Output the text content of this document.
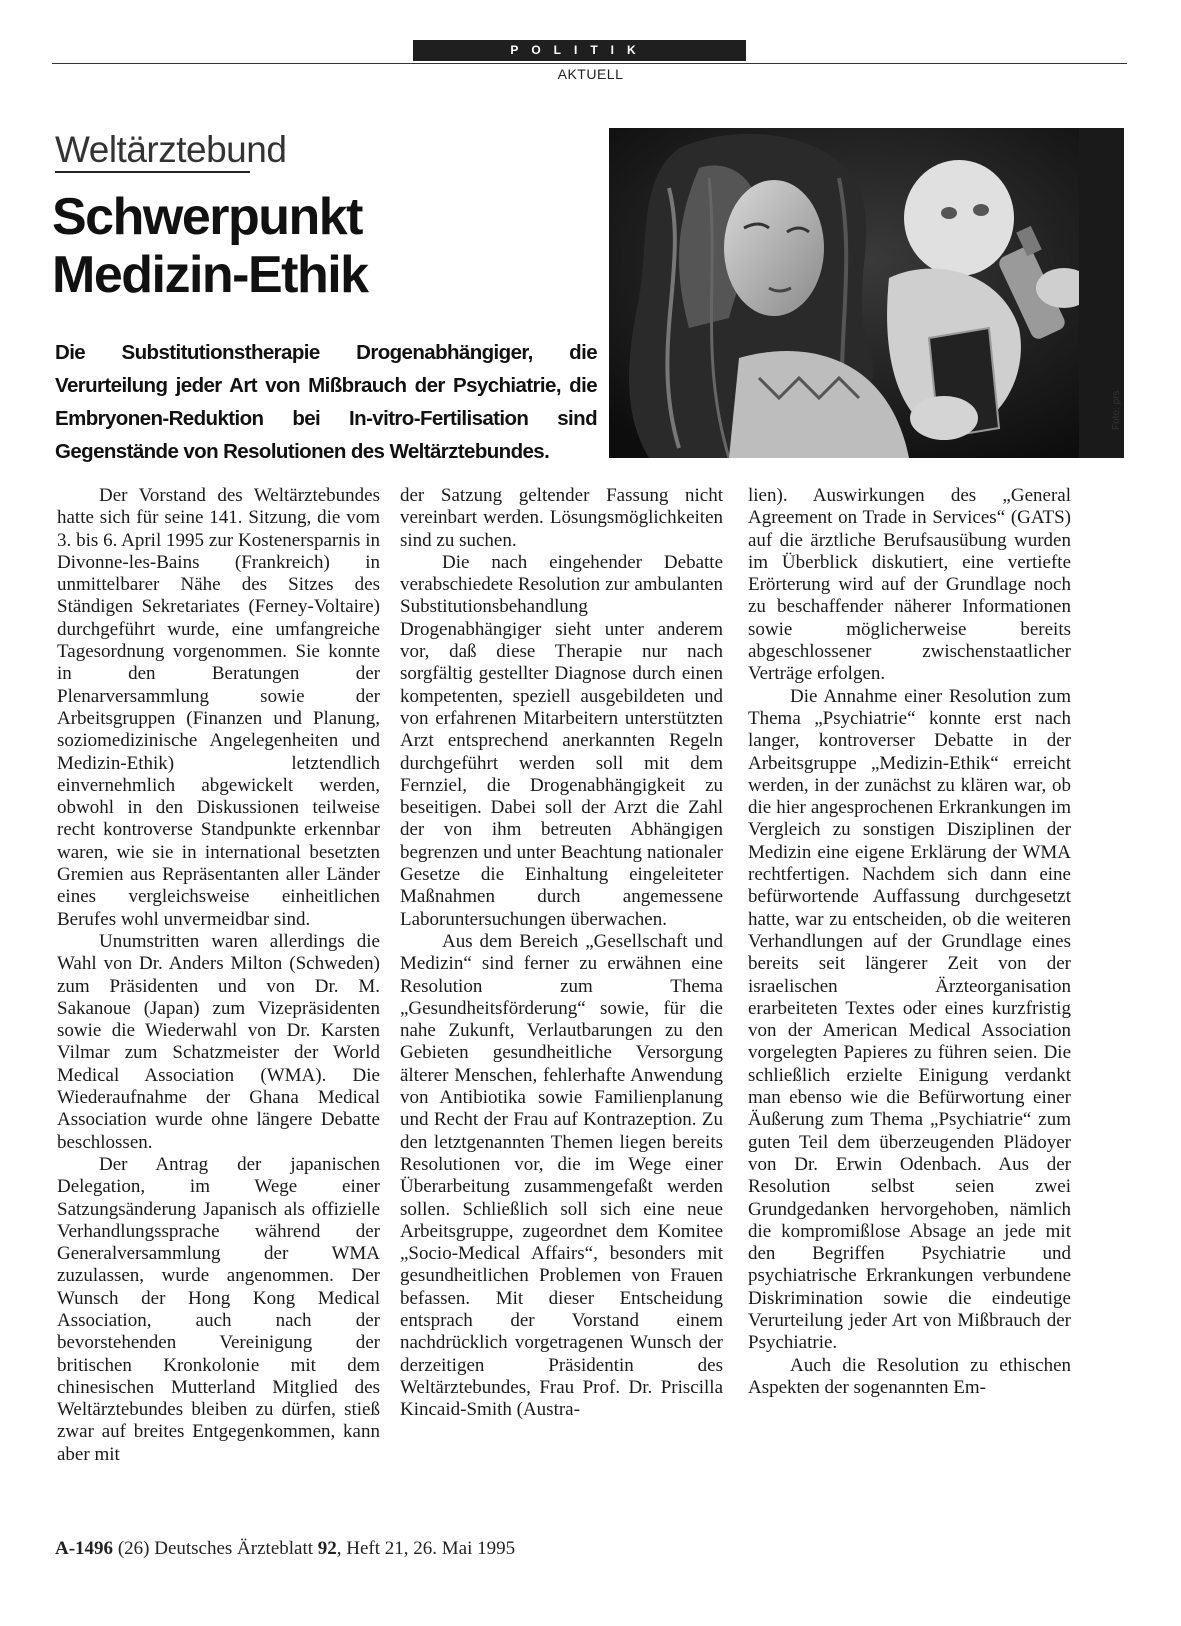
POLITIK
AKTUELL
Weltärztebund
Schwerpunkt
Medizin-Ethik

Die Substitutionstherapie Drogenabhängiger, die Verurteilung jeder Art von Mißbrauch der Psychiatrie, die Embryonen-Reduktion bei In-vitro-Fertilisation sind Gegenstände von Resolutionen des Weltärztebundes.

Foto: prs

Der Vorstand des Weltärztebundes hatte sich für seine 141. Sitzung, die vom 3. bis 6. April 1995 zur Kostenersparnis in Divonne-les-Bains (Frankreich) in unmittelbarer Nähe des Sitzes des Ständigen Sekretariates (Ferney-Voltaire) durchgeführt wurde, eine umfangreiche Tagesordnung vorgenommen. Sie konnte in den Beratungen der Plenarversammlung sowie der Arbeitsgruppen (Finanzen und Planung, soziomedizinische Angelegenheiten und Medizin-Ethik) letztendlich einvernehmlich abgewickelt werden, obwohl in den Diskussionen teilweise recht kontroverse Standpunkte erkennbar waren, wie sie in international besetzten Gremien aus Repräsentanten aller Länder eines vergleichsweise einheitlichen Berufes wohl unvermeidbar sind.

Unumstritten waren allerdings die Wahl von Dr. Anders Milton (Schweden) zum Präsidenten und von Dr. M. Sakanoue (Japan) zum Vizepräsidenten sowie die Wiederwahl von Dr. Karsten Vilmar zum Schatzmeister der World Medical Association (WMA). Die Wiederaufnahme der Ghana Medical Association wurde ohne längere Debatte beschlossen.

Der Antrag der japanischen Delegation, im Wege einer Satzungsänderung Japanisch als offizielle Verhandlungssprache während der Generalversammlung der WMA zuzulassen, wurde angenommen. Der Wunsch der Hong Kong Medical Association, auch nach der bevorstehenden Vereinigung der britischen Kronkolonie mit dem chinesischen Mutterland Mitglied des Weltärztebundes bleiben zu dürfen, stieß zwar auf breites Entgegenkommen, kann aber mit

der Satzung geltender Fassung nicht vereinbart werden. Lösungsmöglichkeiten sind zu suchen.

Die nach eingehender Debatte verabschiedete Resolution zur ambulanten Substitutionsbehandlung Drogenabhängiger sieht unter anderem vor, daß diese Therapie nur nach sorgfältig gestellter Diagnose durch einen kompetenten, speziell ausgebildeten und von erfahrenen Mitarbeitern unterstützten Arzt entsprechend anerkannten Regeln durchgeführt werden soll mit dem Fernziel, die Drogenabhängigkeit zu beseitigen. Dabei soll der Arzt die Zahl der von ihm betreuten Abhängigen begrenzen und unter Beachtung nationaler Gesetze die Einhaltung eingeleiteter Maßnahmen durch angemessene Laboruntersuchungen überwachen.

Aus dem Bereich „Gesellschaft und Medizin“ sind ferner zu erwähnen eine Resolution zum Thema „Gesundheitsförderung“ sowie, für die nahe Zukunft, Verlautbarungen zu den Gebieten gesundheitliche Versorgung älterer Menschen, fehlerhafte Anwendung von Antibiotika sowie Familienplanung und Recht der Frau auf Kontrazeption. Zu den letztgenannten Themen liegen bereits Resolutionen vor, die im Wege einer Überarbeitung zusammengefaßt werden sollen. Schließlich soll sich eine neue Arbeitsgruppe, zugeordnet dem Komitee „Socio-Medical Affairs“, besonders mit gesundheitlichen Problemen von Frauen befassen. Mit dieser Entscheidung entsprach der Vorstand einem nachdrücklich vorgetragenen Wunsch der derzeitigen Präsidentin des Weltärztebundes, Frau Prof. Dr. Priscilla Kincaid-Smith (Austra-

lien). Auswirkungen des „General Agreement on Trade in Services“ (GATS) auf die ärztliche Berufsausübung wurden im Überblick diskutiert, eine vertiefte Erörterung wird auf der Grundlage noch zu beschaffender näherer Informationen sowie möglicherweise bereits abgeschlossener zwischenstaatlicher Verträge erfolgen.

Die Annahme einer Resolution zum Thema „Psychiatrie“ konnte erst nach langer, kontroverser Debatte in der Arbeitsgruppe „Medizin-Ethik“ erreicht werden, in der zunächst zu klären war, ob die hier angesprochenen Erkrankungen im Vergleich zu sonstigen Disziplinen der Medizin eine eigene Erklärung der WMA rechtfertigen. Nachdem sich dann eine befürwortende Auffassung durchgesetzt hatte, war zu entscheiden, ob die weiteren Verhandlungen auf der Grundlage eines bereits seit längerer Zeit von der israelischen Ärzteorganisation erarbeiteten Textes oder eines kurzfristig von der American Medical Association vorgelegten Papieres zu führen seien. Die schließlich erzielte Einigung verdankt man ebenso wie die Befürwortung einer Äußerung zum Thema „Psychiatrie“ zum guten Teil dem überzeugenden Plädoyer von Dr. Erwin Odenbach. Aus der Resolution selbst seien zwei Grundgedanken hervorgehoben, nämlich die kompromißlose Absage an jede mit den Begriffen Psychiatrie und psychiatrische Erkrankungen verbundene Diskrimination sowie die eindeutige Verurteilung jeder Art von Mißbrauch der Psychiatrie.

Auch die Resolution zu ethischen Aspekten der sogenannten Em-

A-1496 (26) Deutsches Ärzteblatt 92, Heft 21, 26. Mai 1995
